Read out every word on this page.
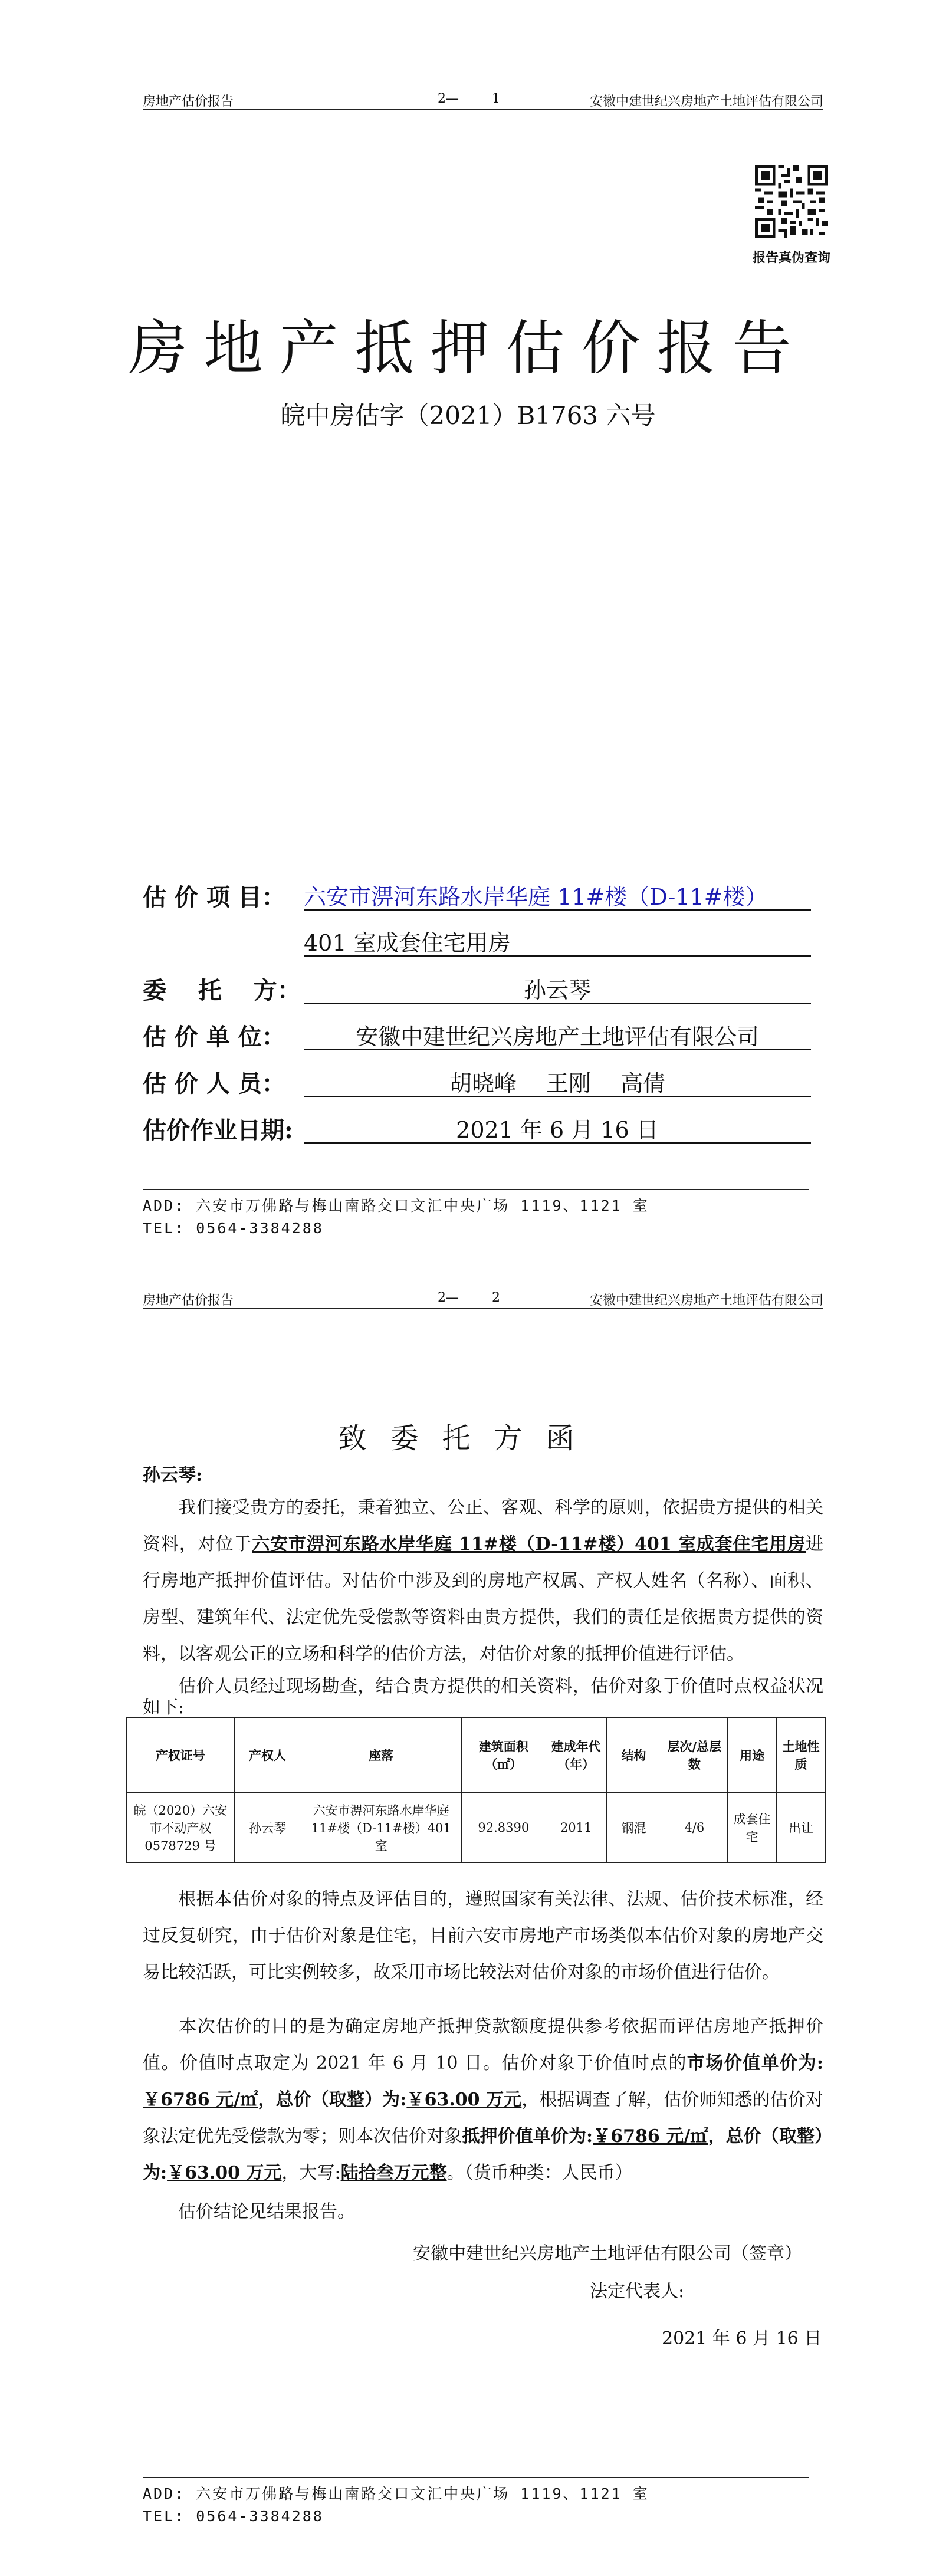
房地产估价报告	2—        1	安徽中建世纪兴房地产土地评估有限公司
报告真伪查询
房地产抵押估价报告
皖中房估字（2021）B1763 六号
估 价 项 目： 六安市淠河东路水岸华庭 11#楼（D-11#楼）
401 室成套住宅用房
委　 托　 方：	孙云琴
估 价 单 位：	安徽中建世纪兴房地产土地评估有限公司
估 价 人 员：	胡晓峰　 王刚　 高倩
估价作业日期:	2021 年 6 月 16 日
ADD: 六安市万佛路与梅山南路交口文汇中央广场 1119、1121 室
TEL: 0564-3384288
房地产估价报告	2—        2	安徽中建世纪兴房地产土地评估有限公司
致委托方函
孙云琴:
我们接受贵方的委托，秉着独立、公正、客观、科学的原则，依据贵方提供的相关资料，对位于六安市淠河东路水岸华庭 11#楼（D-11#楼）401 室成套住宅用房进行房地产抵押价值评估。对估价中涉及到的房地产权属、产权人姓名（名称）、面积、房型、建筑年代、法定优先受偿款等资料由贵方提供，我们的责任是依据贵方提供的资料，以客观公正的立场和科学的估价方法，对估价对象的抵押价值进行评估。
估价人员经过现场勘查，结合贵方提供的相关资料，估价对象于价值时点权益状况如下:
产权证号	产权人	座落	建筑面积（㎡）	建成年代（年）	结构	层次/总层数	用途	土地性质
皖（2020）六安市不动产权 0578729 号	孙云琴	六安市淠河东路水岸华庭 11#楼（D-11#楼）401 室	92.8390	2011	钢混	4/6	成套住宅	出让
根据本估价对象的特点及评估目的，遵照国家有关法律、法规、估价技术标准，经过反复研究，由于估价对象是住宅，目前六安市房地产市场类似本估价对象的房地产交易比较活跃，可比实例较多，故采用市场比较法对估价对象的市场价值进行估价。
本次估价的目的是为确定房地产抵押贷款额度提供参考依据而评估房地产抵押价值。价值时点取定为 2021 年 6 月 10 日。估价对象于价值时点的市场价值单价为:￥6786 元/㎡，总价（取整）为:￥63.00 万元，根据调查了解，估价师知悉的估价对象法定优先受偿款为零；则本次估价对象抵押价值单价为:￥6786 元/㎡，总价（取整）为:￥63.00 万元，大写:陆拾叁万元整。（货币种类：人民币）
估价结论见结果报告。
安徽中建世纪兴房地产土地评估有限公司（签章）
法定代表人:
2021 年 6 月 16 日
ADD: 六安市万佛路与梅山南路交口文汇中央广场 1119、1121 室
TEL: 0564-3384288
